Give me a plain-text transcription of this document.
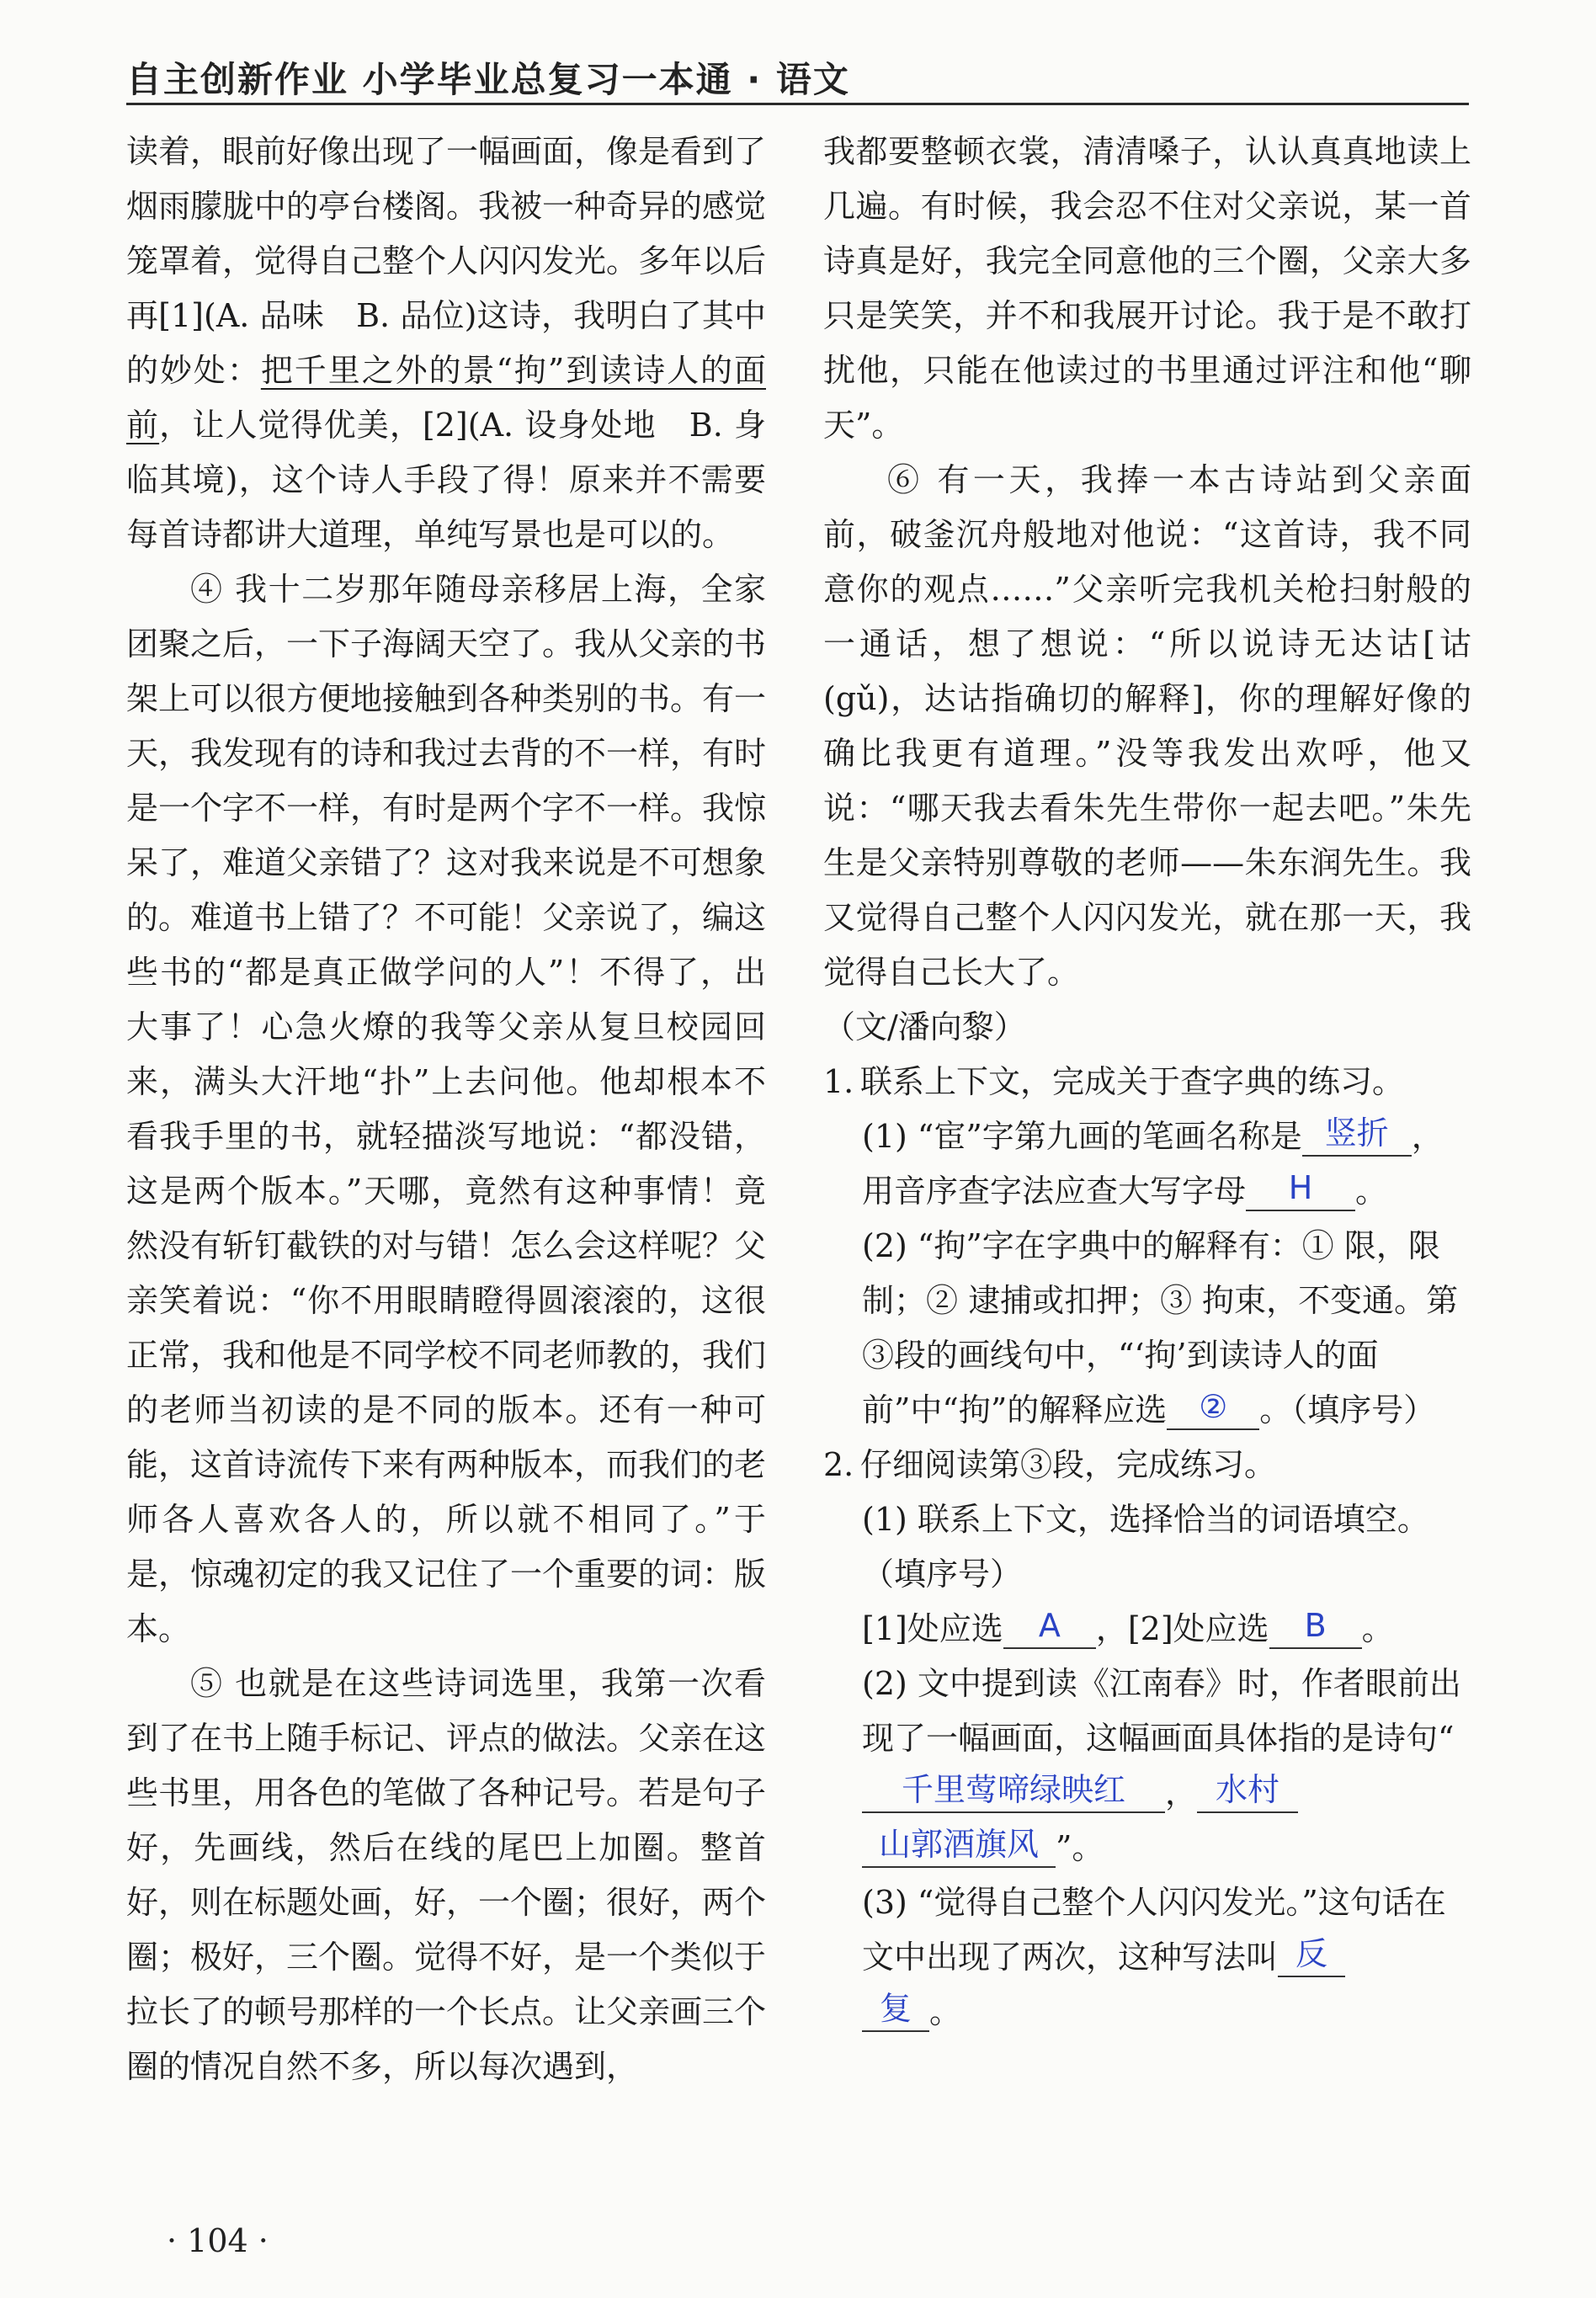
自主创新作业 小学毕业总复习一本通 · 语文

读着，眼前好像出现了一幅画面，像是看到了烟雨朦胧中的亭台楼阁。我被一种奇异的感觉笼罩着，觉得自己整个人闪闪发光。多年以后再[1](A. 品味　B. 品位)这诗，我明白了其中的妙处：把千里之外的景“拘”到读诗人的面前，让人觉得优美，[2](A. 设身处地　B. 身临其境)，这个诗人手段了得！原来并不需要每首诗都讲大道理，单纯写景也是可以的。

④ 我十二岁那年随母亲移居上海，全家团聚之后，一下子海阔天空了。我从父亲的书架上可以很方便地接触到各种类别的书。有一天，我发现有的诗和我过去背的不一样，有时是一个字不一样，有时是两个字不一样。我惊呆了，难道父亲错了？这对我来说是不可想象的。难道书上错了？不可能！父亲说了，编这些书的“都是真正做学问的人”！不得了，出大事了！心急火燎的我等父亲从复旦校园回来，满头大汗地“扑”上去问他。他却根本不看我手里的书，就轻描淡写地说：“都没错，这是两个版本。”天哪，竟然有这种事情！竟然没有斩钉截铁的对与错！怎么会这样呢？父亲笑着说：“你不用眼睛瞪得圆滚滚的，这很正常，我和他是不同学校不同老师教的，我们的老师当初读的是不同的版本。还有一种可能，这首诗流传下来有两种版本，而我们的老师各人喜欢各人的，所以就不相同了。”于是，惊魂初定的我又记住了一个重要的词：版本。

⑤ 也就是在这些诗词选里，我第一次看到了在书上随手标记、评点的做法。父亲在这些书里，用各色的笔做了各种记号。若是句子好，先画线，然后在线的尾巴上加圈。整首好，则在标题处画，好，一个圈；很好，两个圈；极好，三个圈。觉得不好，是一个类似于拉长了的顿号那样的一个长点。让父亲画三个圈的情况自然不多，所以每次遇到，

我都要整顿衣裳，清清嗓子，认认真真地读上几遍。有时候，我会忍不住对父亲说，某一首诗真是好，我完全同意他的三个圈，父亲大多只是笑笑，并不和我展开讨论。我于是不敢打扰他，只能在他读过的书里通过评注和他“聊天”。

⑥ 有一天，我捧一本古诗站到父亲面前，破釜沉舟般地对他说：“这首诗，我不同意你的观点……”父亲听完我机关枪扫射般的一通话，想了想说：“所以说诗无达诂[诂(gǔ)，达诂指确切的解释]，你的理解好像的确比我更有道理。”没等我发出欢呼，他又说：“哪天我去看朱先生带你一起去吧。”朱先生是父亲特别尊敬的老师——朱东润先生。我又觉得自己整个人闪闪发光，就在那一天，我觉得自己长大了。

（文/潘向黎）

1. 联系上下文，完成关于查字典的练习。
(1) “宦”字第九画的笔画名称是 竖折 ，用音序查字法应查大写字母 H 。
(2) “拘”字在字典中的解释有：① 限，限制；② 逮捕或扣押；③ 拘束，不变通。第③段的画线句中，“‘拘’到读诗人的面前”中“拘”的解释应选 ② 。（填序号）
2. 仔细阅读第③段，完成练习。
(1) 联系上下文，选择恰当的词语填空。（填序号）
[1]处应选 A ，[2]处应选 B 。
(2) 文中提到读《江南春》时，作者眼前出现了一幅画面，这幅画面具体指的是诗句“千里莺啼绿映红 ， 水村山郭酒旗风 ”。
(3) “觉得自己整个人闪闪发光。”这句话在文中出现了两次，这种写法叫 反
复 。
· 104 ·
